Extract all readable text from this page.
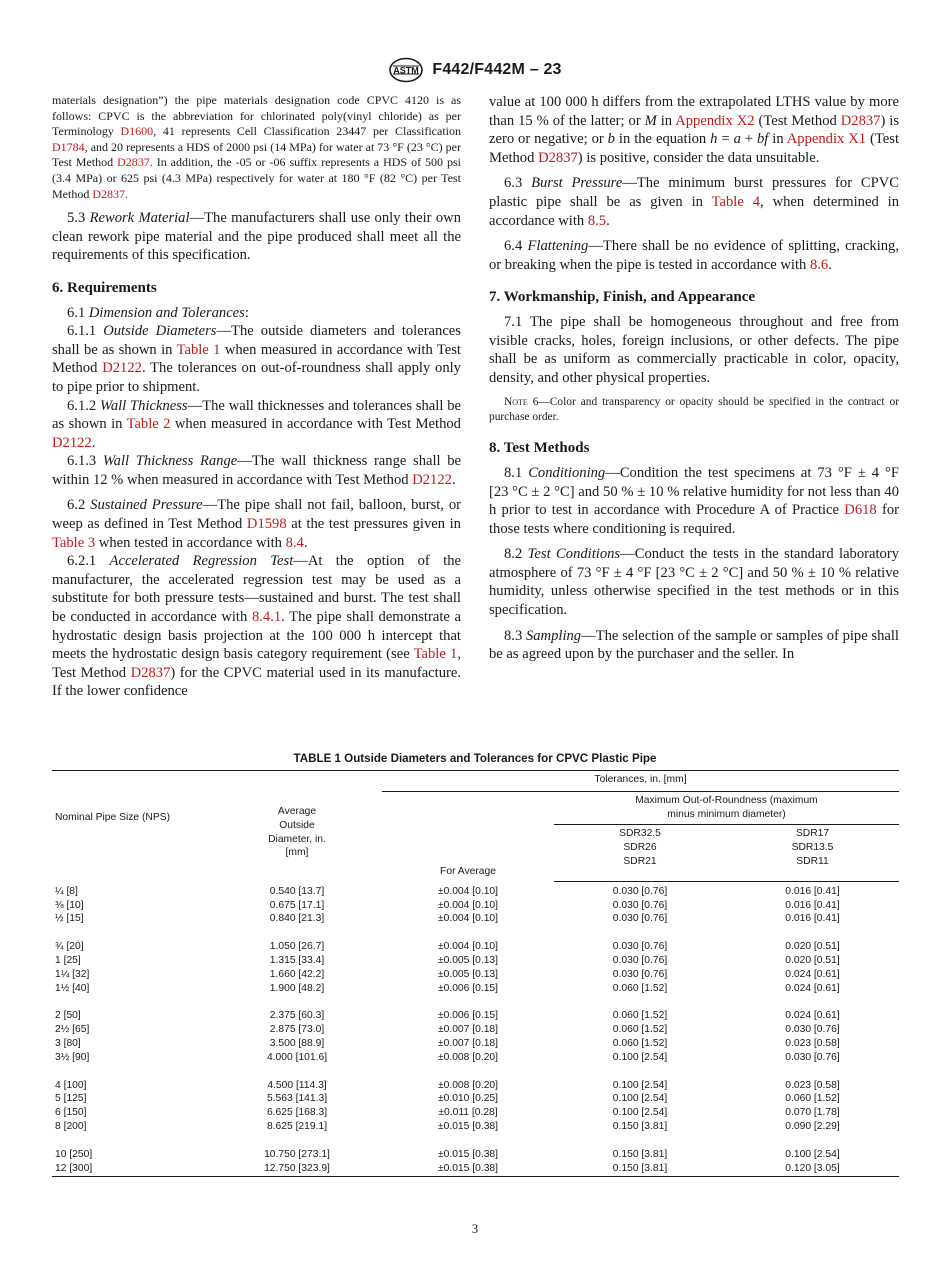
ASTM F442/F442M – 23

materials designation”) the pipe materials designation code CPVC 4120 is as follows: CPVC is the abbreviation for chlorinated poly(vinyl chloride) as per Terminology D1600, 41 represents Cell Classification 23447 per Classification D1784, and 20 represents a HDS of 2000 psi (14 MPa) for water at 73 °F (23 °C) per Test Method D2837. In addition, the -05 or -06 suffix represents a HDS of 500 psi (3.4 MPa) or 625 psi (4.3 MPa) respectively for water at 180 °F (82 °C) per Test Method D2837.

5.3 Rework Material—The manufacturers shall use only their own clean rework pipe material and the pipe produced shall meet all the requirements of this specification.

6. Requirements

6.1 Dimension and Tolerances:

6.1.1 Outside Diameters—The outside diameters and tolerances shall be as shown in Table 1 when measured in accordance with Test Method D2122. The tolerances on out-of-roundness shall apply only to pipe prior to shipment.

6.1.2 Wall Thickness—The wall thicknesses and tolerances shall be as shown in Table 2 when measured in accordance with Test Method D2122.

6.1.3 Wall Thickness Range—The wall thickness range shall be within 12 % when measured in accordance with Test Method D2122.

6.2 Sustained Pressure—The pipe shall not fail, balloon, burst, or weep as defined in Test Method D1598 at the test pressures given in Table 3 when tested in accordance with 8.4.

6.2.1 Accelerated Regression Test—At the option of the manufacturer, the accelerated regression test may be used as a substitute for both pressure tests—sustained and burst. The test shall be conducted in accordance with 8.4.1. The pipe shall demonstrate a hydrostatic design basis projection at the 100 000 h intercept that meets the hydrostatic design basis category requirement (see Table 1, Test Method D2837) for the CPVC material used in its manufacture. If the lower confidence

value at 100 000 h differs from the extrapolated LTHS value by more than 15 % of the latter; or M in Appendix X2 (Test Method D2837) is zero or negative; or b in the equation h = a + bf in Appendix X1 (Test Method D2837) is positive, consider the data unsuitable.

6.3 Burst Pressure—The minimum burst pressures for CPVC plastic pipe shall be as given in Table 4, when determined in accordance with 8.5.

6.4 Flattening—There shall be no evidence of splitting, cracking, or breaking when the pipe is tested in accordance with 8.6.

7. Workmanship, Finish, and Appearance

7.1 The pipe shall be homogeneous throughout and free from visible cracks, holes, foreign inclusions, or other defects. The pipe shall be as uniform as commercially practicable in color, opacity, density, and other physical properties.

Note 6—Color and transparency or opacity should be specified in the contract or purchase order.

8. Test Methods

8.1 Conditioning—Condition the test specimens at 73 °F ± 4 °F [23 °C ± 2 °C] and 50 % ± 10 % relative humidity for not less than 40 h prior to test in accordance with Procedure A of Practice D618 for those tests where conditioning is required.

8.2 Test Conditions—Conduct the tests in the standard laboratory atmosphere of 73 °F ± 4 °F [23 °C ± 2 °C] and 50 % ± 10 % relative humidity, unless otherwise specified in the test methods or in this specification.

8.3 Sampling—The selection of the sample or samples of pipe shall be as agreed upon by the purchaser and the seller. In

TABLE 1 Outside Diameters and Tolerances for CPVC Plastic Pipe
Nominal Pipe Size (NPS)	Average Outside Diameter, in. [mm]	Tolerances, in. [mm]		
		For Average	Maximum Out-of-Roundness (maximum minus minimum diameter)	
			SDR32.5 SDR26 SDR21	SDR17 SDR13.5 SDR11
¼ [8]	0.540 [13.7]	±0.004 [0.10]	0.030 [0.76]	0.016 [0.41]
⅜ [10]	0.675 [17.1]	±0.004 [0.10]	0.030 [0.76]	0.016 [0.41]
½ [15]	0.840 [21.3]	±0.004 [0.10]	0.030 [0.76]	0.016 [0.41]

¾ [20]	1.050 [26.7]	±0.004 [0.10]	0.030 [0.76]	0.020 [0.51]
1 [25]	1.315 [33.4]	±0.005 [0.13]	0.030 [0.76]	0.020 [0.51]
1¼ [32]	1.660 [42.2]	±0.005 [0.13]	0.030 [0.76]	0.024 [0.61]
1½ [40]	1.900 [48.2]	±0.006 [0.15]	0.060 [1.52]	0.024 [0.61]

2 [50]	2.375 [60.3]	±0.006 [0.15]	0.060 [1.52]	0.024 [0.61]
2½ [65]	2.875 [73.0]	±0.007 [0.18]	0.060 [1.52]	0.030 [0.76]
3 [80]	3.500 [88.9]	±0.007 [0.18]	0.060 [1.52]	0.023 [0.58]
3½ [90]	4.000 [101.6]	±0.008 [0.20]	0.100 [2.54]	0.030 [0.76]

4 [100]	4.500 [114.3]	±0.008 [0.20]	0.100 [2.54]	0.023 [0.58]
5 [125]	5.563 [141.3]	±0.010 [0.25]	0.100 [2.54]	0.060 [1.52]
6 [150]	6.625 [168.3]	±0.011 [0.28]	0.100 [2.54]	0.070 [1.78]
8 [200]	8.625 [219.1]	±0.015 [0.38]	0.150 [3.81]	0.090 [2.29]

10 [250]	10.750 [273.1]	±0.015 [0.38]	0.150 [3.81]	0.100 [2.54]
12 [300]	12.750 [323.9]	±0.015 [0.38]	0.150 [3.81]	0.120 [3.05]
3
